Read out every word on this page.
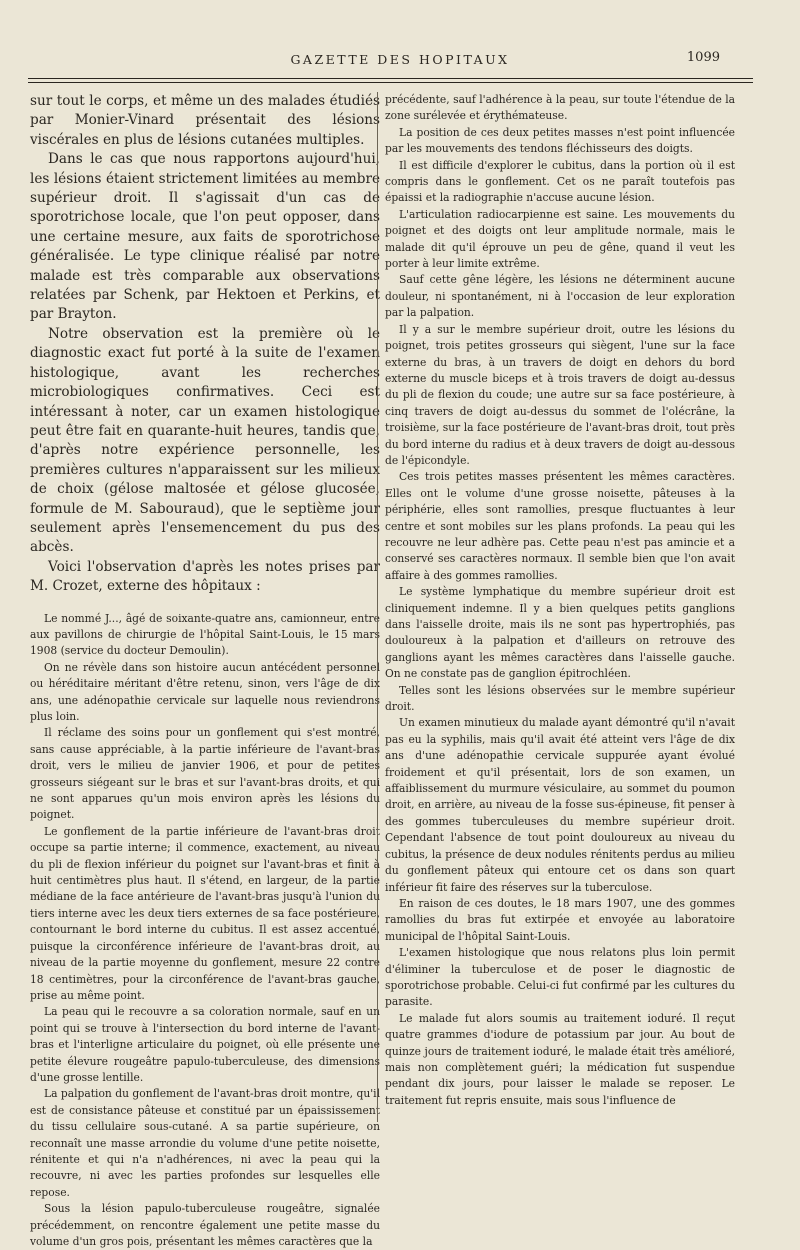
GAZETTE DES HOPITAUX	1099

sur tout le corps, et même un des malades étudiés par Monier-Vinard présentait des lésions viscérales en plus de lésions cutanées multiples.

Dans le cas que nous rapportons aujourd'hui, les lésions étaient strictement limitées au membre supérieur droit. Il s'agissait d'un cas de sporotrichose locale, que l'on peut opposer, dans une certaine mesure, aux faits de sporotrichose généralisée. Le type clinique réalisé par notre malade est très comparable aux observations relatées par Schenk, par Hektoen et Perkins, et par Brayton.

Notre observation est la première où le diagnostic exact fut porté à la suite de l'examen histologique, avant les recherches microbiologiques confirmatives. Ceci est intéressant à noter, car un examen histologique peut être fait en quarante-huit heures, tandis que, d'après notre expérience personnelle, les premières cultures n'apparaissent sur les milieux de choix (gélose maltosée et gélose glucosée, formule de M. Sabouraud), que le septième jour seulement après l'ensemencement du pus des abcès.

Voici l'observation d'après les notes prises par M. Crozet, externe des hôpitaux :

Le nommé J..., âgé de soixante-quatre ans, camionneur, entre aux pavillons de chirurgie de l'hôpital Saint-Louis, le 15 mars 1908 (service du docteur Demoulin).

On ne révèle dans son histoire aucun antécédent personnel ou héréditaire méritant d'être retenu, sinon, vers l'âge de dix ans, une adénopathie cervicale sur laquelle nous reviendrons plus loin.

Il réclame des soins pour un gonflement qui s'est montré, sans cause appréciable, à la partie inférieure de l'avant-bras droit, vers le milieu de janvier 1906, et pour de petites grosseurs siégeant sur le bras et sur l'avant-bras droits, et qui ne sont apparues qu'un mois environ après les lésions du poignet.

Le gonflement de la partie inférieure de l'avant-bras droit occupe sa partie interne; il commence, exactement, au niveau du pli de flexion inférieur du poignet sur l'avant-bras et finit à huit centimètres plus haut. Il s'étend, en largeur, de la partie médiane de la face antérieure de l'avant-bras jusqu'à l'union du tiers interne avec les deux tiers externes de sa face postérieure, contournant le bord interne du cubitus. Il est assez accentué, puisque la circonférence inférieure de l'avant-bras droit, au niveau de la partie moyenne du gonflement, mesure 22 contre 18 centimètres, pour la circonférence de l'avant-bras gauche, prise au même point.

La peau qui le recouvre a sa coloration normale, sauf en un point qui se trouve à l'intersection du bord interne de l'avant-bras et l'interligne articulaire du poignet, où elle présente une petite élevure rougeâtre papulo-tuberculeuse, des dimensions d'une grosse lentille.

La palpation du gonflement de l'avant-bras droit montre, qu'il est de consistance pâteuse et constitué par un épaississement du tissu cellulaire sous-cutané. A sa partie supérieure, on reconnaît une masse arrondie du volume d'une petite noisette, rénitente et qui n'a n'adhérences, ni avec la peau qui la recouvre, ni avec les parties profondes sur lesquelles elle repose.

Sous la lésion papulo-tuberculeuse rougeâtre, signalée précédemment, on rencontre également une petite masse du volume d'un gros pois, présentant les mêmes caractères que la

précédente, sauf l'adhérence à la peau, sur toute l'étendue de la zone surélevée et érythémateuse.

La position de ces deux petites masses n'est point influencée par les mouvements des tendons fléchisseurs des doigts.

Il est difficile d'explorer le cubitus, dans la portion où il est compris dans le gonflement. Cet os ne paraît toutefois pas épaissi et la radiographie n'accuse aucune lésion.

L'articulation radiocarpienne est saine. Les mouvements du poignet et des doigts ont leur amplitude normale, mais le malade dit qu'il éprouve un peu de gêne, quand il veut les porter à leur limite extrême.

Sauf cette gêne légère, les lésions ne déterminent aucune douleur, ni spontanément, ni à l'occasion de leur exploration par la palpation.

Il y a sur le membre supérieur droit, outre les lésions du poignet, trois petites grosseurs qui siègent, l'une sur la face externe du bras, à un travers de doigt en dehors du bord externe du muscle biceps et à trois travers de doigt au-dessus du pli de flexion du coude; une autre sur sa face postérieure, à cinq travers de doigt au-dessus du sommet de l'olécrâne, la troisième, sur la face postérieure de l'avant-bras droit, tout près du bord interne du radius et à deux travers de doigt au-dessous de l'épicondyle.

Ces trois petites masses présentent les mêmes caractères. Elles ont le volume d'une grosse noisette, pâteuses à la périphérie, elles sont ramollies, presque fluctuantes à leur centre et sont mobiles sur les plans profonds. La peau qui les recouvre ne leur adhère pas. Cette peau n'est pas amincie et a conservé ses caractères normaux. Il semble bien que l'on avait affaire à des gommes ramollies.

Le système lymphatique du membre supérieur droit est cliniquement indemne. Il y a bien quelques petits ganglions dans l'aisselle droite, mais ils ne sont pas hypertrophiés, pas douloureux à la palpation et d'ailleurs on retrouve des ganglions ayant les mêmes caractères dans l'aisselle gauche. On ne constate pas de ganglion épitrochléen.

Telles sont les lésions observées sur le membre supérieur droit.

Un examen minutieux du malade ayant démontré qu'il n'avait pas eu la syphilis, mais qu'il avait été atteint vers l'âge de dix ans d'une adénopathie cervicale suppurée ayant évolué froidement et qu'il présentait, lors de son examen, un affaiblissement du murmure vésiculaire, au sommet du poumon droit, en arrière, au niveau de la fosse sus-épineuse, fit penser à des gommes tuberculeuses du membre supérieur droit. Cependant l'absence de tout point douloureux au niveau du cubitus, la présence de deux nodules rénitents perdus au milieu du gonflement pâteux qui entoure cet os dans son quart inférieur fit faire des réserves sur la tuberculose.

En raison de ces doutes, le 18 mars 1907, une des gommes ramollies du bras fut extirpée et envoyée au laboratoire municipal de l'hôpital Saint-Louis.

L'examen histologique que nous relatons plus loin permit d'éliminer la tuberculose et de poser le diagnostic de sporotrichose probable. Celui-ci fut confirmé par les cultures du parasite.

Le malade fut alors soumis au traitement ioduré. Il reçut quatre grammes d'iodure de potassium par jour. Au bout de quinze jours de traitement ioduré, le malade était très amélioré, mais non complètement guéri; la médication fut suspendue pendant dix jours, pour laisser le malade se reposer. Le traitement fut repris ensuite, mais sous l'influence de
